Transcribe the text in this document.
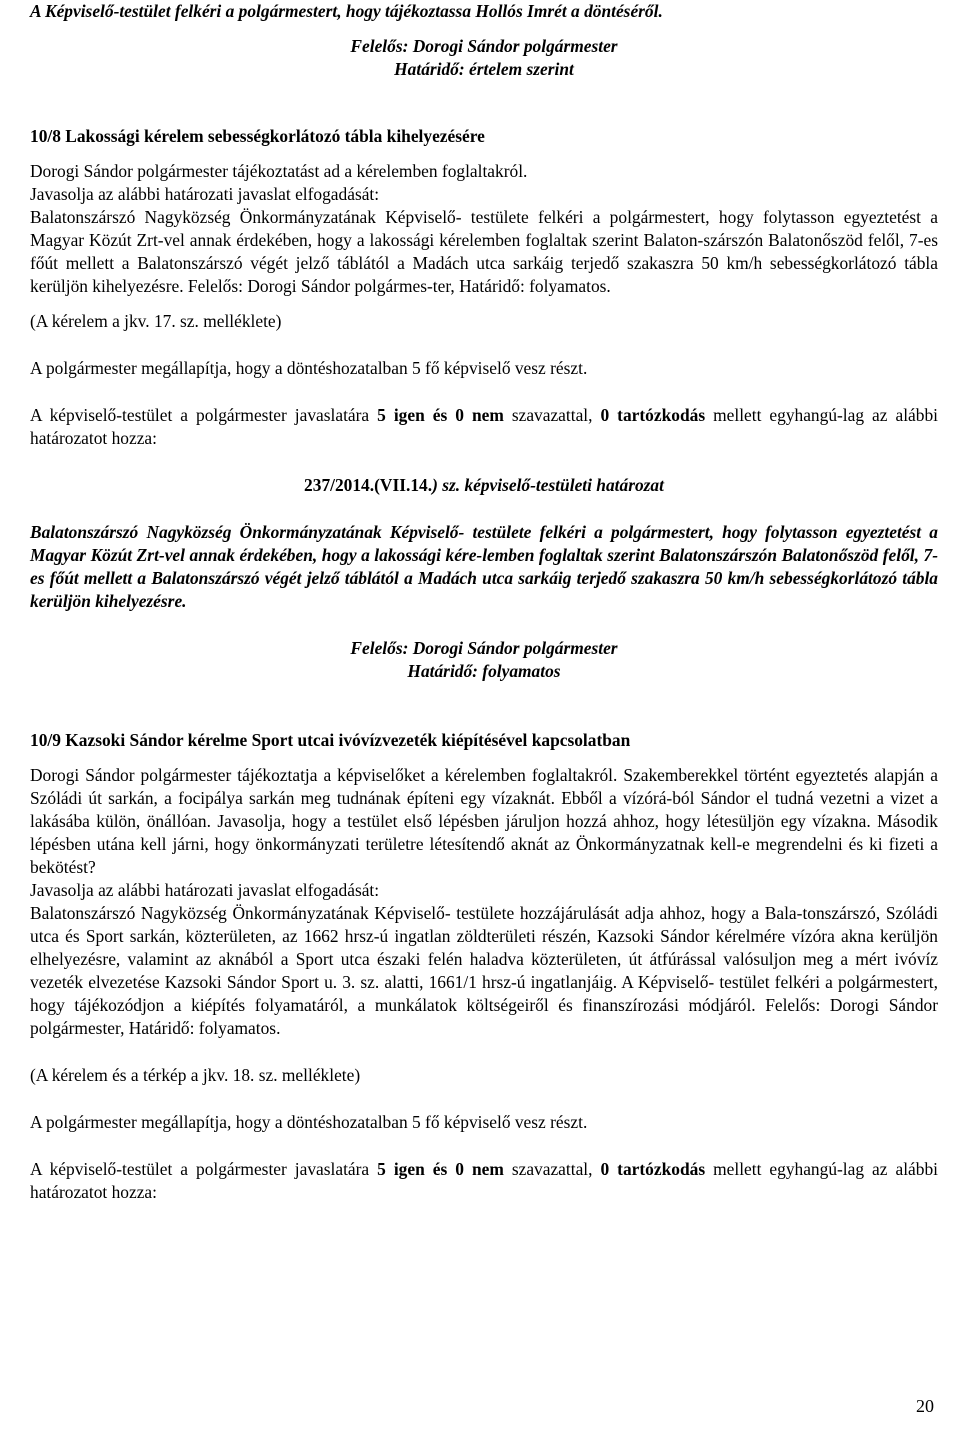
A Képviselő-testület felkéri a polgármestert, hogy tájékoztassa Hollós Imrét a döntéséről.

Felelős: Dorogi Sándor polgármester

Határidő: értelem szerint

10/8 Lakossági kérelem sebességkorlátozó tábla kihelyezésére

Dorogi Sándor polgármester tájékoztatást ad a kérelemben foglaltakról.

Javasolja az alábbi határozati javaslat elfogadását:

Balatonszárszó Nagyközség Önkormányzatának Képviselő- testülete felkéri a polgármestert, hogy folytasson egyeztetést a Magyar Közút Zrt-vel annak érdekében, hogy a lakossági kérelemben foglaltak szerint Balaton-szárszón Balatonőszöd felől, 7-es főút mellett a Balatonszárszó végét jelző táblától a Madách utca sarkáig terjedő szakaszra 50 km/h sebességkorlátozó tábla kerüljön kihelyezésre. Felelős: Dorogi Sándor polgármes-ter, Határidő: folyamatos.

(A kérelem a jkv. 17. sz. melléklete)

A polgármester megállapítja, hogy a döntéshozatalban 5 fő képviselő vesz részt.

A képviselő-testület a polgármester javaslatára 5 igen és 0 nem szavazattal, 0 tartózkodás mellett egyhangú-lag az alábbi határozatot hozza:

237/2014.(VII.14.) sz. képviselő-testületi határozat

Balatonszárszó Nagyközség Önkormányzatának Képviselő- testülete felkéri a polgármestert, hogy folytasson egyeztetést a Magyar Közút Zrt-vel annak érdekében, hogy a lakossági kére-lemben foglaltak szerint Balatonszárszón Balatonőszöd felől, 7-es főút mellett a Balatonszárszó végét jelző táblától a Madách utca sarkáig terjedő szakaszra 50 km/h sebességkorlátozó tábla kerüljön kihelyezésre.

Felelős: Dorogi Sándor polgármester

Határidő: folyamatos

10/9 Kazsoki Sándor kérelme Sport utcai ivóvízvezeték kiépítésével kapcsolatban

Dorogi Sándor polgármester tájékoztatja a képviselőket a kérelemben foglaltakról. Szakemberekkel történt egyeztetés alapján a Szóládi út sarkán, a focipálya sarkán meg tudnának építeni egy vízaknát. Ebből a vízórá-ból Sándor el tudná vezetni a vizet a lakásába külön, önállóan. Javasolja, hogy a testület első lépésben járuljon hozzá ahhoz, hogy létesüljön egy vízakna. Második lépésben utána kell járni, hogy önkormányzati területre létesítendő aknát az Önkormányzatnak kell-e megrendelni és ki fizeti a bekötést?

Javasolja az alábbi határozati javaslat elfogadását:

Balatonszárszó Nagyközség Önkormányzatának Képviselő- testülete hozzájárulását adja ahhoz, hogy a Bala-tonszárszó, Szóládi utca és Sport sarkán, közterületen, az 1662 hrsz-ú ingatlan zöldterületi részén, Kazsoki Sándor kérelmére vízóra akna kerüljön elhelyezésre, valamint az aknából a Sport utca északi felén haladva közterületen, út átfúrással valósuljon meg a mért ivóvíz vezeték elvezetése Kazsoki Sándor Sport u. 3. sz. alatti, 1661/1 hrsz-ú ingatlanjáig. A Képviselő- testület felkéri a polgármestert, hogy tájékozódjon a kiépítés folyamatáról, a munkálatok költségeiről és finanszírozási módjáról. Felelős: Dorogi Sándor polgármester, Határidő: folyamatos.

(A kérelem és a térkép a jkv. 18. sz. melléklete)

A polgármester megállapítja, hogy a döntéshozatalban 5 fő képviselő vesz részt.

A képviselő-testület a polgármester javaslatára 5 igen és 0 nem szavazattal, 0 tartózkodás mellett egyhangú-lag az alábbi határozatot hozza:

20
